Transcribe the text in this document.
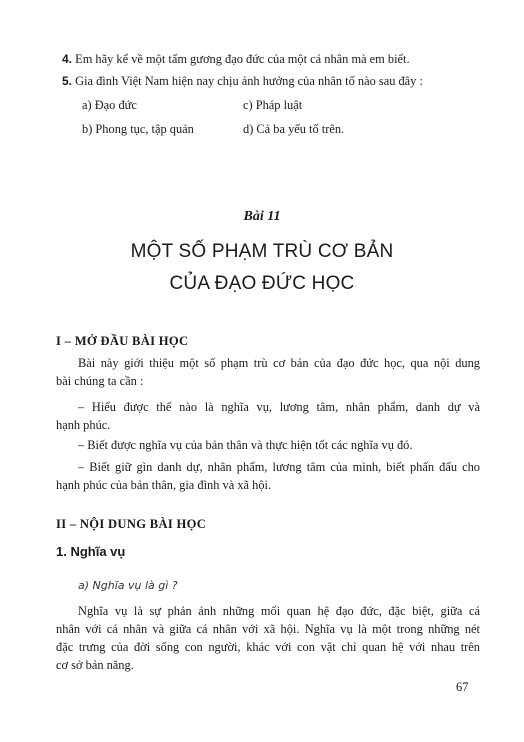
4. Em hãy kể về một tấm gương đạo đức của một cá nhân mà em biết.
5. Gia đình Việt Nam hiện nay chịu ảnh hưởng của nhân tố nào sau đây :
a) Đạo đức	c) Pháp luật
b) Phong tục, tập quán	d) Cả ba yếu tố trên.
Bài 11
MỘT SỐ PHẠM TRÙ CƠ BẢN
CỦA ĐẠO ĐỨC HỌC
I – MỞ ĐẦU BÀI HỌC
Bài này giới thiệu một số phạm trù cơ bản của đạo đức học, qua nội dung
bài chúng ta cần :
– Hiểu được thế nào là nghĩa vụ, lương tâm, nhân phẩm, danh dự và
hạnh phúc.
– Biết được nghĩa vụ của bản thân và thực hiện tốt các nghĩa vụ đó.
– Biết giữ gìn danh dự, nhân phẩm, lương tâm của mình, biết phấn đấu cho
hạnh phúc của bản thân, gia đình và xã hội.
II – NỘI DUNG BÀI HỌC
1. Nghĩa vụ
a) Nghĩa vụ là gì ?
Nghĩa vụ là sự phản ánh những mối quan hệ đạo đức, đặc biệt, giữa cá
nhân với cá nhân và giữa cá nhân với xã hội. Nghĩa vụ là một trong những nét
đặc trưng của đời sống con người, khác với con vật chỉ quan hệ với nhau trên
cơ sở bản năng.
67
